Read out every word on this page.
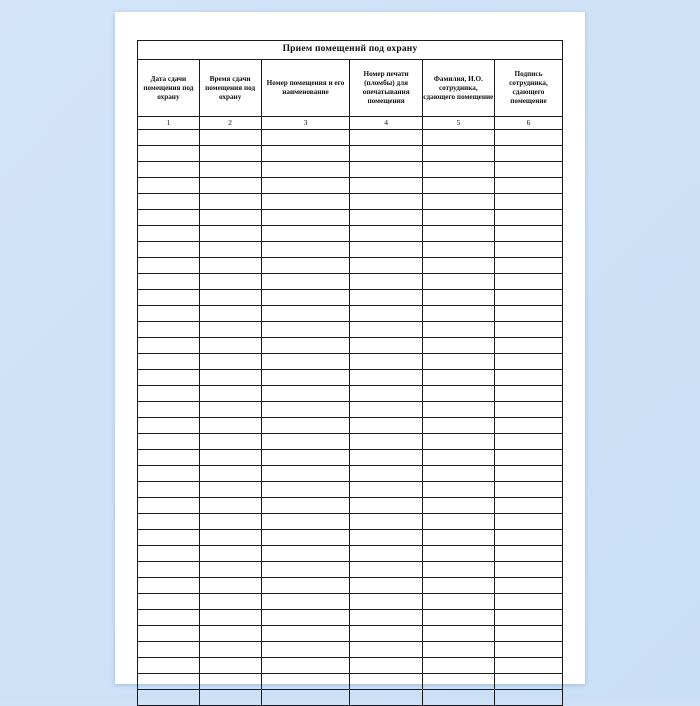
Прием помещений под охрану
Дата сдачи помещения под охрану	Время сдачи помещения под охрану	Номер помещения и его наименование	Номер печати (пломбы) для опечатывания помещения	Фамилия, И.О. сотрудника, сдающего помещение	Подпись сотрудника, сдающего помещение
1	2	3	4	5	6
